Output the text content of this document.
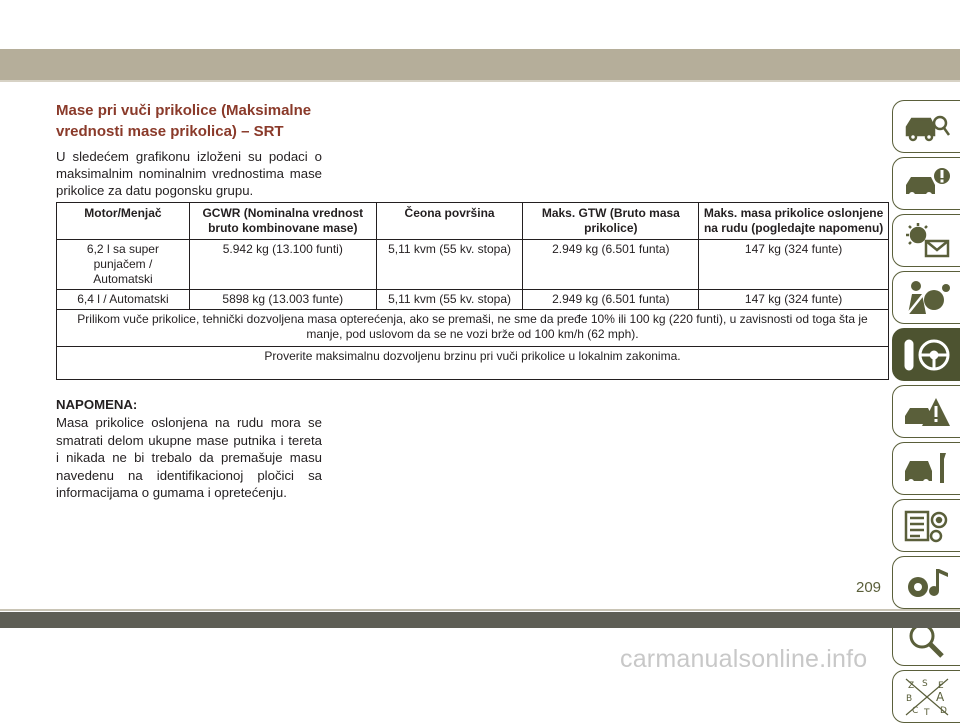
Mase pri vuči prikolice (Maksimalne vrednosti mase prikolica) – SRT

U sledećem grafikonu izloženi su podaci o maksimalnim nominalnim vrednostima mase prikolice za datu pogonsku grupu.

Motor/Menjač	GCWR (Nominalna vrednost bruto kombinovane mase)	Čeona površina	Maks. GTW (Bruto masa prikolice)	Maks. masa prikolice oslonjene na rudu (pogledajte napomenu)
6,2 l sa super punjačem / Automatski	5.942 kg (13.100 funti)	5,11 kvm (55 kv. stopa)	2.949 kg (6.501 funta)	147 kg (324 funte)
6,4 l / Automatski	5898 kg (13.003 funte)	5,11 kvm (55 kv. stopa)	2.949 kg (6.501 funta)	147 kg (324 funte)
Prilikom vuče prikolice, tehnički dozvoljena masa opterećenja, ako se premaši, ne sme da pređe 10% ili 100 kg (220 funti), u zavisnosti od toga šta je manje, pod uslovom da se ne vozi brže od 100 km/h (62 mph).				
Proverite maksimalnu dozvoljenu brzinu pri vuči prikolice u lokalnim zakonima.				

NAPOMENA:

Masa prikolice oslonjena na rudu mora se smatrati delom ukupne mase putnika i tereta i nikada ne bi trebalo da premašuje masu navedenu na identifikacionoj pločici sa informacijama o gumama i opretećenju.

Z S E
B A
C T D
209
carmanualsonline.info
